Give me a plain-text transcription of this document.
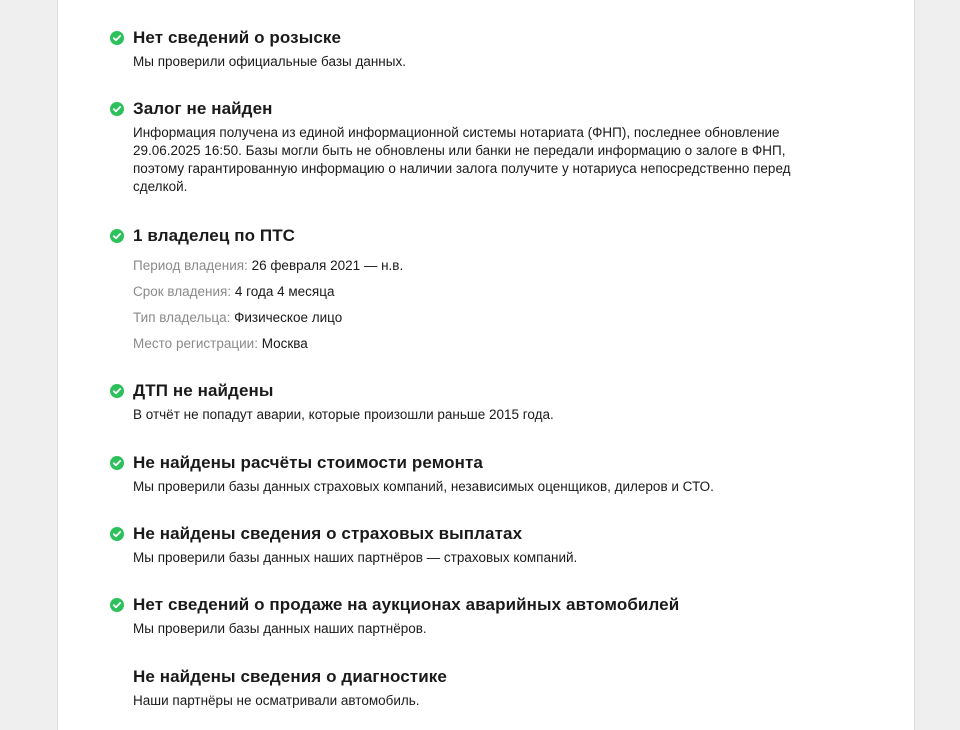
Нет сведений о розыске
Мы проверили официальные базы данных.
Залог не найден
Информация получена из единой информационной системы нотариата (ФНП), последнее обновление 29.06.2025 16:50. Базы могли быть не обновлены или банки не передали информацию о залоге в ФНП, поэтому гарантированную информацию о наличии залога получите у нотариуса непосредственно перед сделкой.
1 владелец по ПТС
Период владения: 26 февраля 2021 — н.в.
Срок владения: 4 года 4 месяца
Тип владельца: Физическое лицо
Место регистрации: Москва
ДТП не найдены
В отчёт не попадут аварии, которые произошли раньше 2015 года.
Не найдены расчёты стоимости ремонта
Мы проверили базы данных страховых компаний, независимых оценщиков, дилеров и СТО.
Не найдены сведения о страховых выплатах
Мы проверили базы данных наших партнёров — страховых компаний.
Нет сведений о продаже на аукционах аварийных автомобилей
Мы проверили базы данных наших партнёров.
Не найдены сведения о диагностике
Наши партнёры не осматривали автомобиль.
